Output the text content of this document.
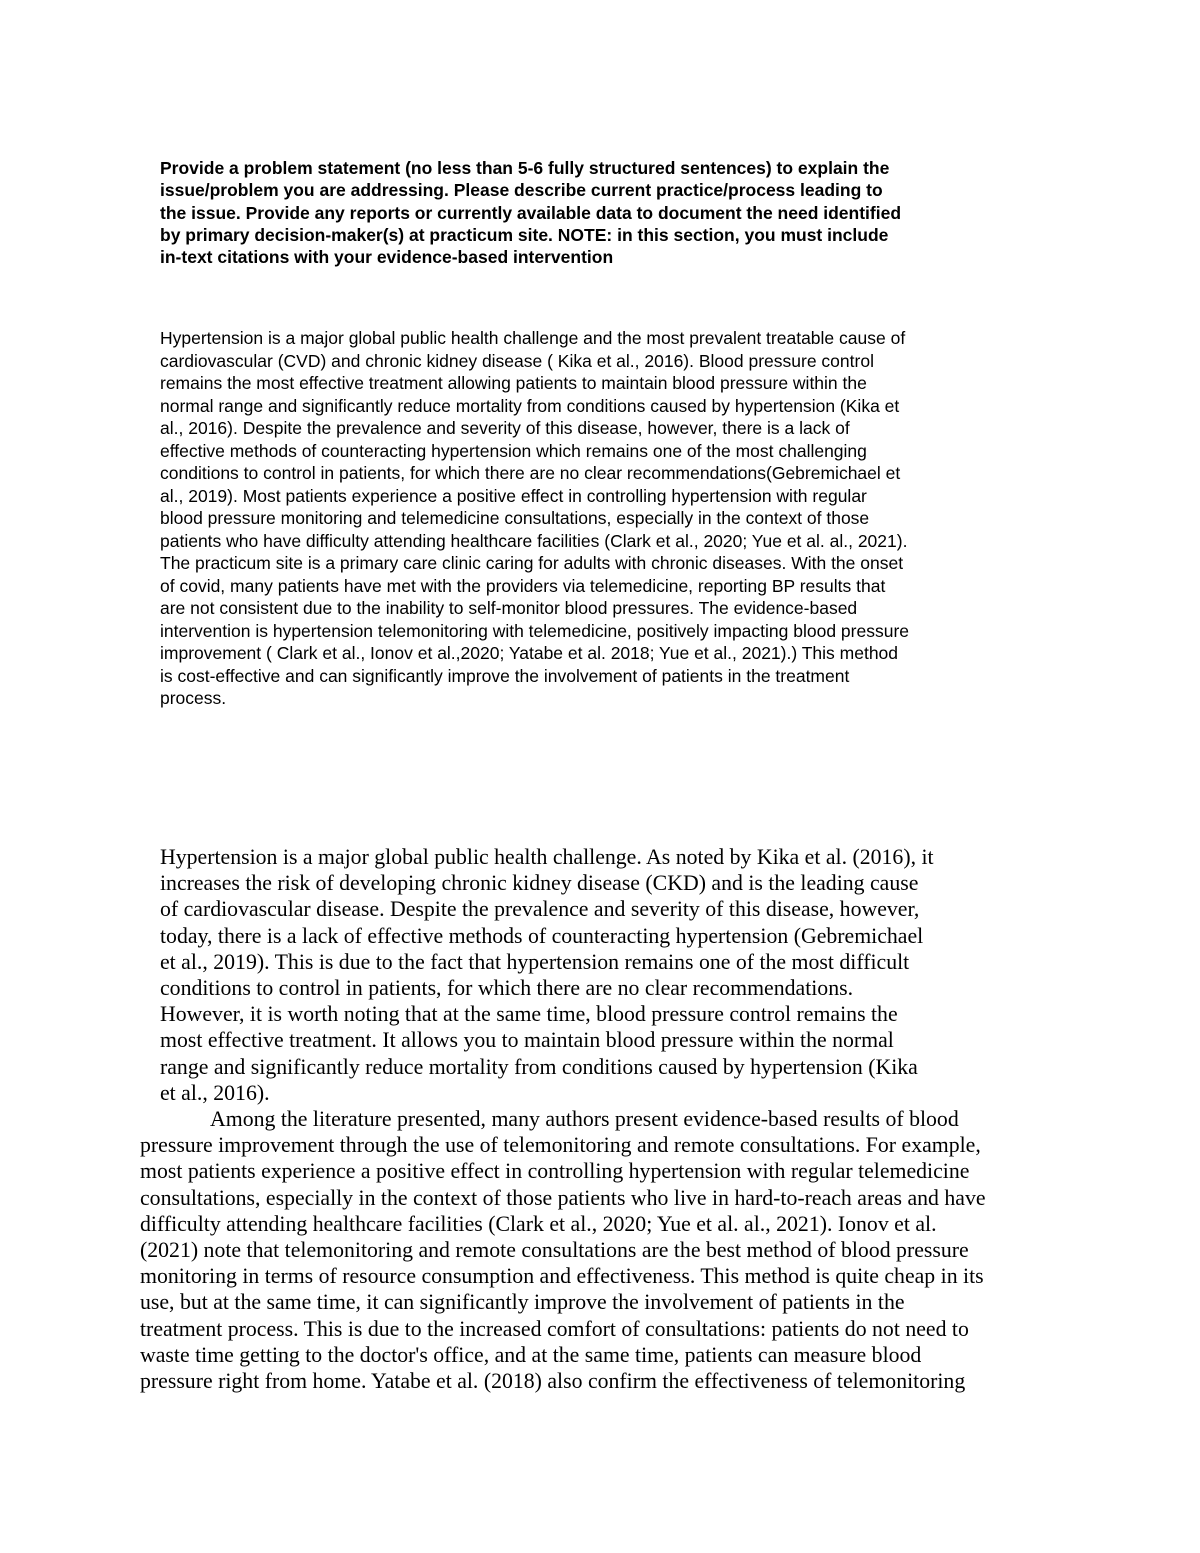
Provide a problem statement (no less than 5-6 fully structured sentences) to explain the
issue/problem you are addressing. Please describe current practice/process leading to
the issue. Provide any reports or currently available data to document the need identified
by primary decision-maker(s) at practicum site. NOTE: in this section, you must include
in-text citations with your evidence-based intervention

Hypertension is a major global public health challenge and the most prevalent treatable cause of
cardiovascular (CVD) and chronic kidney disease ( Kika et al., 2016). Blood pressure control
remains the most effective treatment allowing patients to maintain blood pressure within the
normal range and significantly reduce mortality from conditions caused by hypertension (Kika et
al., 2016). Despite the prevalence and severity of this disease, however, there is a lack of
effective methods of counteracting hypertension which remains one of the most challenging
conditions to control in patients, for which there are no clear recommendations(Gebremichael et
al., 2019). Most patients experience a positive effect in controlling hypertension with regular
blood pressure monitoring and telemedicine consultations, especially in the context of those
patients who have difficulty attending healthcare facilities (Clark et al., 2020; Yue et al. al., 2021).
The practicum site is a primary care clinic caring for adults with chronic diseases. With the onset
of covid, many patients have met with the providers via telemedicine, reporting BP results that
are not consistent due to the inability to self-monitor blood pressures. The evidence-based
intervention is hypertension telemonitoring with telemedicine, positively impacting blood pressure
improvement ( Clark et al., Ionov et al.,2020; Yatabe et al. 2018; Yue et al., 2021).) This method
is cost-effective and can significantly improve the involvement of patients in the treatment
process.

Hypertension is a major global public health challenge. As noted by Kika et al. (2016), it
increases the risk of developing chronic kidney disease (CKD) and is the leading cause
of cardiovascular disease. Despite the prevalence and severity of this disease, however,
today, there is a lack of effective methods of counteracting hypertension (Gebremichael
et al., 2019). This is due to the fact that hypertension remains one of the most difficult
conditions to control in patients, for which there are no clear recommendations.
However, it is worth noting that at the same time, blood pressure control remains the
most effective treatment. It allows you to maintain blood pressure within the normal
range and significantly reduce mortality from conditions caused by hypertension (Kika
et al., 2016).
Among the literature presented, many authors present evidence-based results of blood
pressure improvement through the use of telemonitoring and remote consultations. For example,
most patients experience a positive effect in controlling hypertension with regular telemedicine
consultations, especially in the context of those patients who live in hard-to-reach areas and have
difficulty attending healthcare facilities (Clark et al., 2020; Yue et al. al., 2021). Ionov et al.
(2021) note that telemonitoring and remote consultations are the best method of blood pressure
monitoring in terms of resource consumption and effectiveness. This method is quite cheap in its
use, but at the same time, it can significantly improve the involvement of patients in the
treatment process. This is due to the increased comfort of consultations: patients do not need to
waste time getting to the doctor's office, and at the same time, patients can measure blood
pressure right from home. Yatabe et al. (2018) also confirm the effectiveness of telemonitoring
